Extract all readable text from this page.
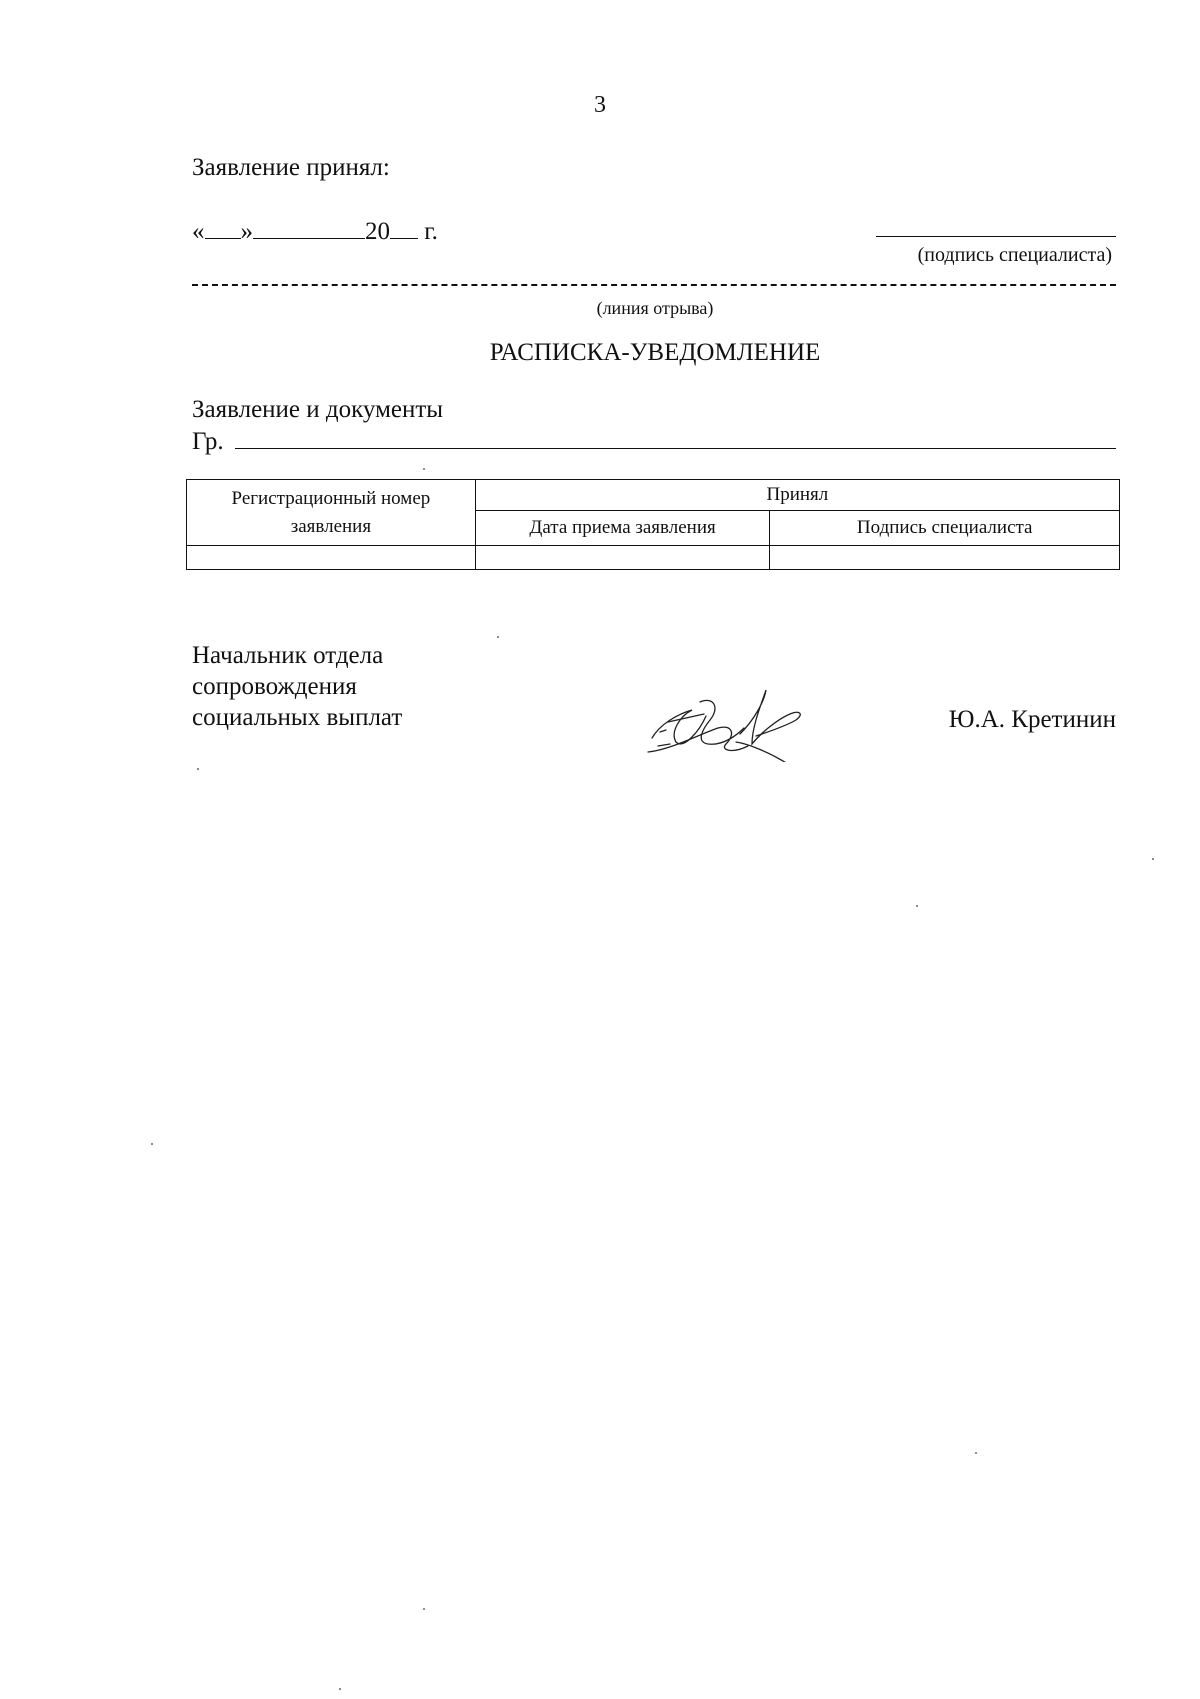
3
Заявление принял:
« »	20 г.
(подпись специалиста)
(линия отрыва)
РАСПИСКА-УВЕДОМЛЕНИЕ
Заявление и документы
Гр.
Регистрационный номер заявления	Принял	
	Дата приема заявления	Подпись специалиста

Начальник отдела
сопровождения
социальных выплат	Ю.А. Кретинин
